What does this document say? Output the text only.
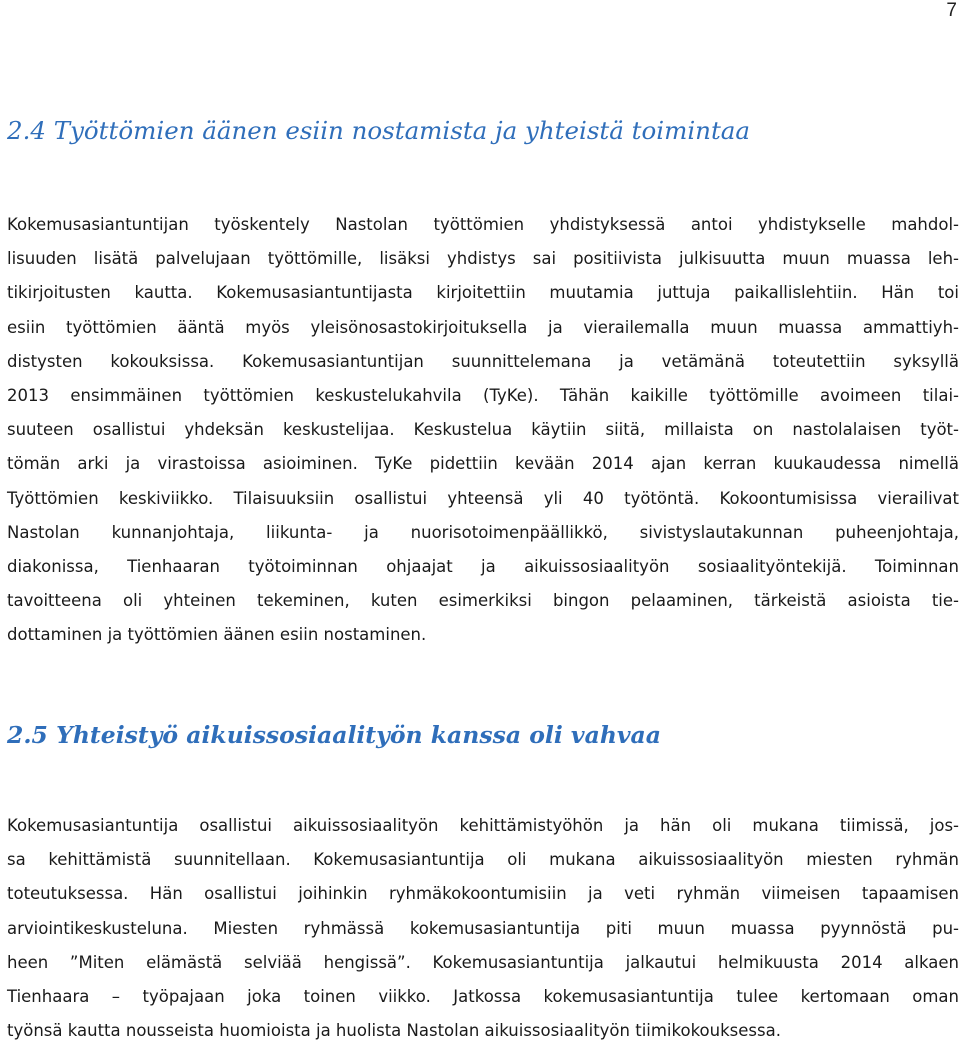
7
2.4 Työttömien äänen esiin nostamista ja yhteistä toimintaa
Kokemusasiantuntijan työskentely Nastolan työttömien yhdistyksessä antoi yhdistykselle mahdol-
lisuuden lisätä palvelujaan työttömille, lisäksi yhdistys sai positiivista julkisuutta muun muassa leh-
tikirjoitusten kautta. Kokemusasiantuntijasta kirjoitettiin muutamia juttuja paikallislehtiin. Hän toi
esiin työttömien ääntä myös yleisönosastokirjoituksella ja vierailemalla muun muassa ammattiyh-
distysten kokouksissa. Kokemusasiantuntijan suunnittelemana ja vetämänä toteutettiin syksyllä
2013 ensimmäinen työttömien keskustelukahvila (TyKe). Tähän kaikille työttömille avoimeen tilai-
suuteen osallistui yhdeksän keskustelijaa. Keskustelua käytiin siitä, millaista on nastolalaisen työt-
tömän arki ja virastoissa asioiminen. TyKe pidettiin kevään 2014 ajan kerran kuukaudessa nimellä
Työttömien keskiviikko. Tilaisuuksiin osallistui yhteensä yli 40 työtöntä. Kokoontumisissa vierailivat
Nastolan kunnanjohtaja, liikunta- ja nuorisotoimenpäällikkö, sivistyslautakunnan puheenjohtaja,
diakonissa, Tienhaaran työtoiminnan ohjaajat ja aikuissosiaalityön sosiaalityöntekijä. Toiminnan
tavoitteena oli yhteinen tekeminen, kuten esimerkiksi bingon pelaaminen, tärkeistä asioista tie-
dottaminen ja työttömien äänen esiin nostaminen.
2.5 Yhteistyö aikuissosiaalityön kanssa oli vahvaa
Kokemusasiantuntija osallistui aikuissosiaalityön kehittämistyöhön ja hän oli mukana tiimissä, jos-
sa kehittämistä suunnitellaan. Kokemusasiantuntija oli mukana aikuissosiaalityön miesten ryhmän
toteutuksessa. Hän osallistui joihinkin ryhmäkokoontumisiin ja veti ryhmän viimeisen tapaamisen
arviointikeskusteluna. Miesten ryhmässä kokemusasiantuntija piti muun muassa pyynnöstä pu-
heen ”Miten elämästä selviää hengissä”. Kokemusasiantuntija jalkautui helmikuusta 2014 alkaen
Tienhaara – työpajaan joka toinen viikko. Jatkossa kokemusasiantuntija tulee kertomaan oman
työnsä kautta nousseista huomioista ja huolista Nastolan aikuissosiaalityön tiimikokouksessa.
